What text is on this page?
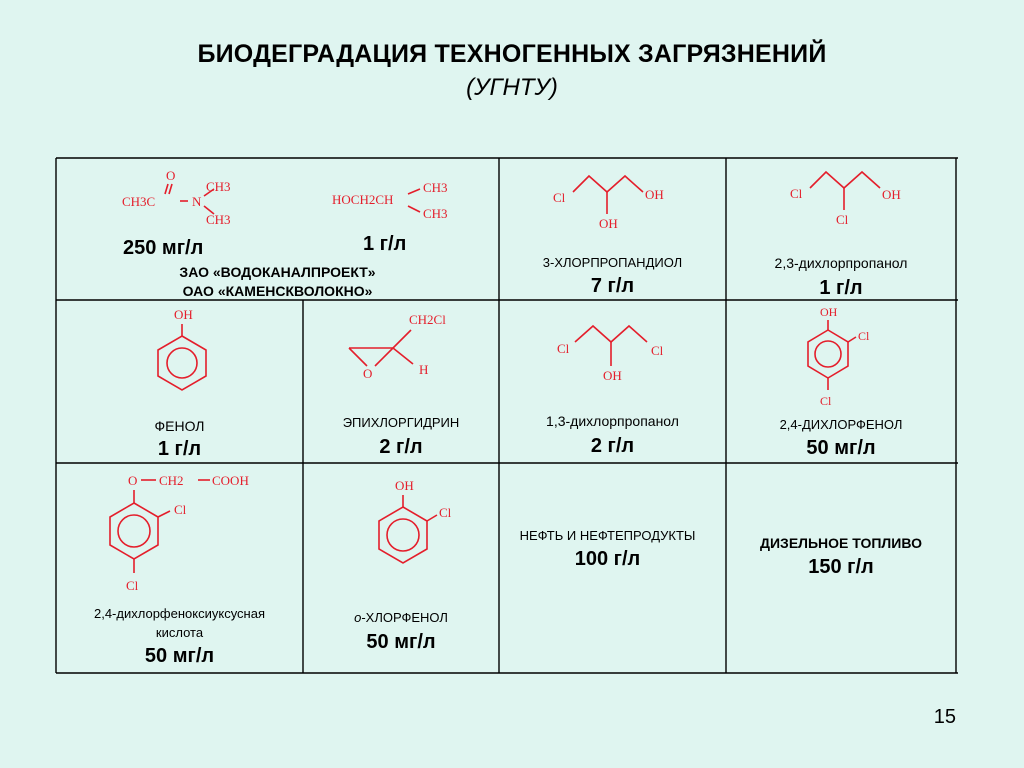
БИОДЕГРАДАЦИЯ ТЕХНОГЕННЫХ ЗАГРЯЗНЕНИЙ
(УГНТУ)
O
CH3C	N
CH3
CH3
HOCH2CH
CH3
CH3
250 мг/л	1 г/л
ЗАО «ВОДОКАНАЛПРОЕКТ»
ОАО «КАМЕНСКВОЛОКНО»
Cl	OH
OH
3-ХЛОРПРОПАНДИОЛ
7 г/л
Cl	OH
Cl
2,3-дихлорпропанол
1 г/л
OH
ФЕНОЛ
1 г/л
CH2Cl
O	H
ЭПИХЛОРГИДРИН
2 г/л
Cl	Cl
OH
1,3-дихлорпропанол
2 г/л
OH
Cl
Cl
2,4-ДИХЛОРФЕНОЛ
50 мг/л
O CH2 COOH
Cl
Cl
2,4-дихлорфеноксиуксусная
кислота
50 мг/л
OH
Cl
о-ХЛОРФЕНОЛ
50 мг/л
НЕФТЬ И НЕФТЕПРОДУКТЫ
100 г/л
ДИЗЕЛЬНОЕ ТОПЛИВО
150 г/л
15
